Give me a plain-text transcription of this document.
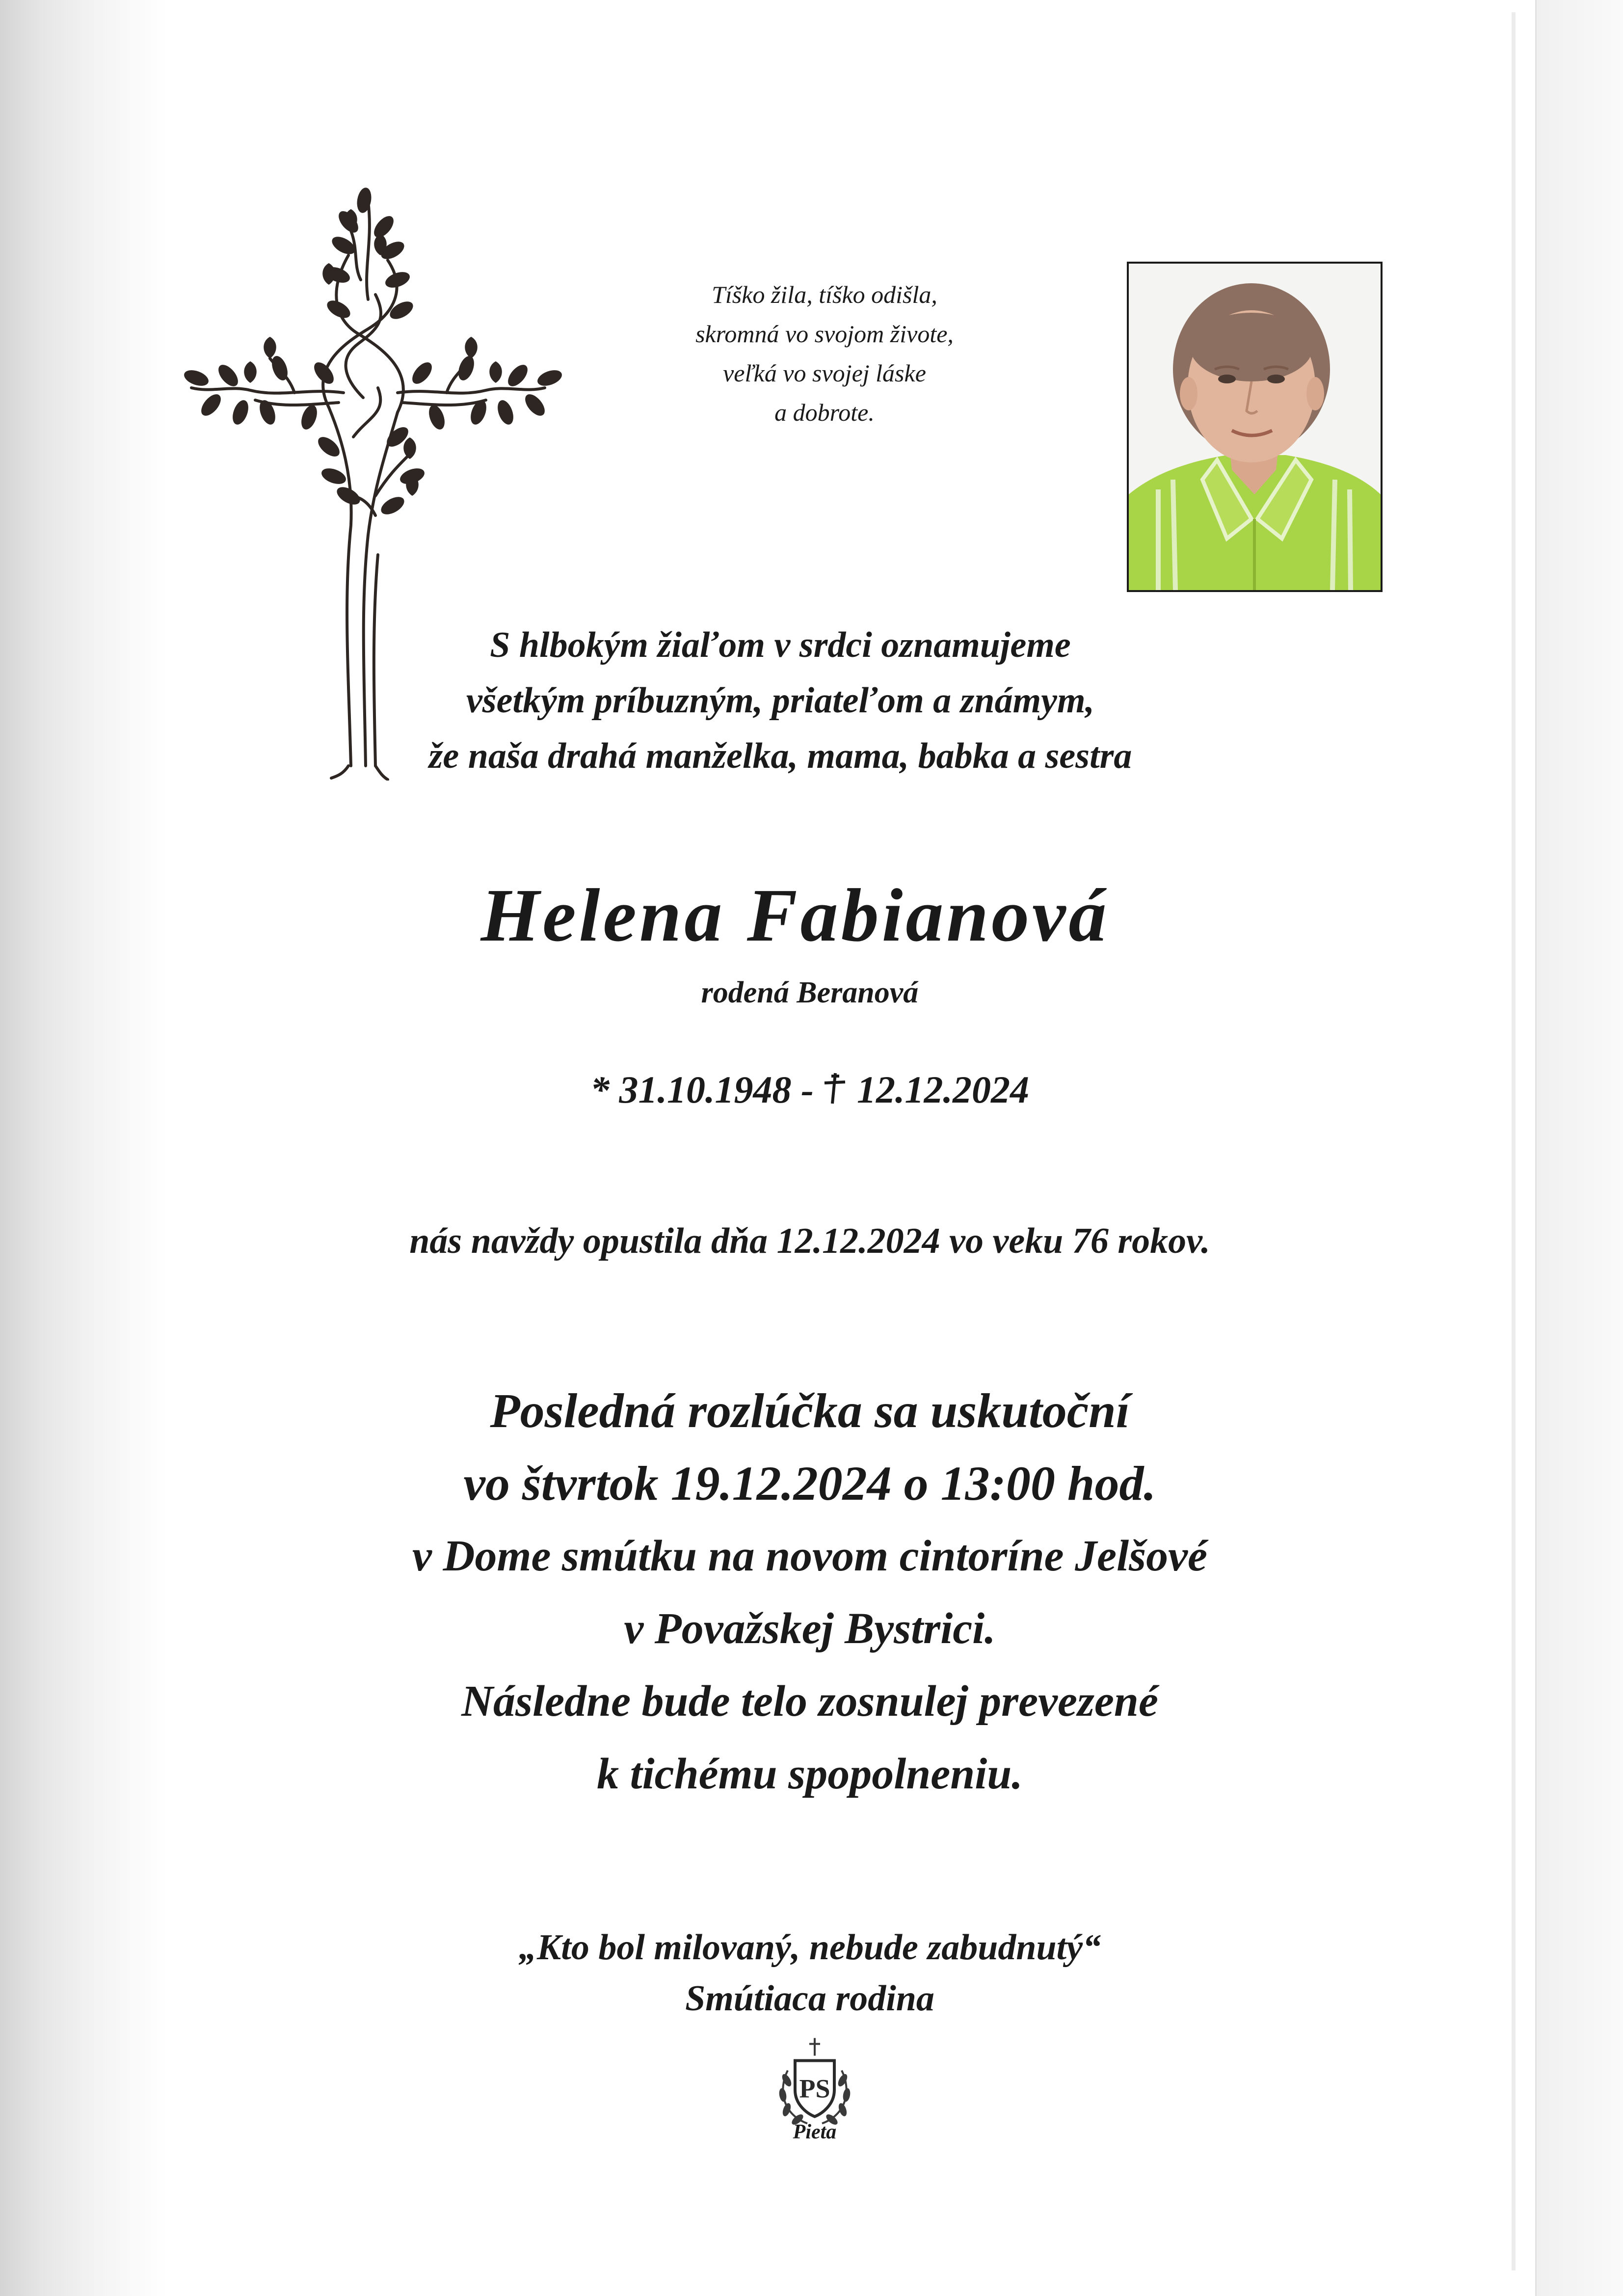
Tíško žila, tíško odišla,
skromná vo svojom živote,
veľká vo svojej láske
a dobrote.
S hlbokým žiaľom v srdci oznamujeme
všetkým príbuzným, priateľom a známym,
že naša drahá manželka, mama, babka a sestra
Helena Fabianová
rodená Beranová
* 31.10.1948 - 12.12.2024
nás navždy opustila dňa 12.12.2024 vo veku 76 rokov.
Posledná rozlúčka sa uskutoční
vo štvrtok 19.12.2024 o 13:00 hod.
v Dome smútku na novom cintoríne Jelšové
v Považskej Bystrici.
Následne bude telo zosnulej prevezené
k tichému spopolneniu.
„Kto bol milovaný, nebude zabudnutý“
Smútiaca rodina
PS
Pieta
